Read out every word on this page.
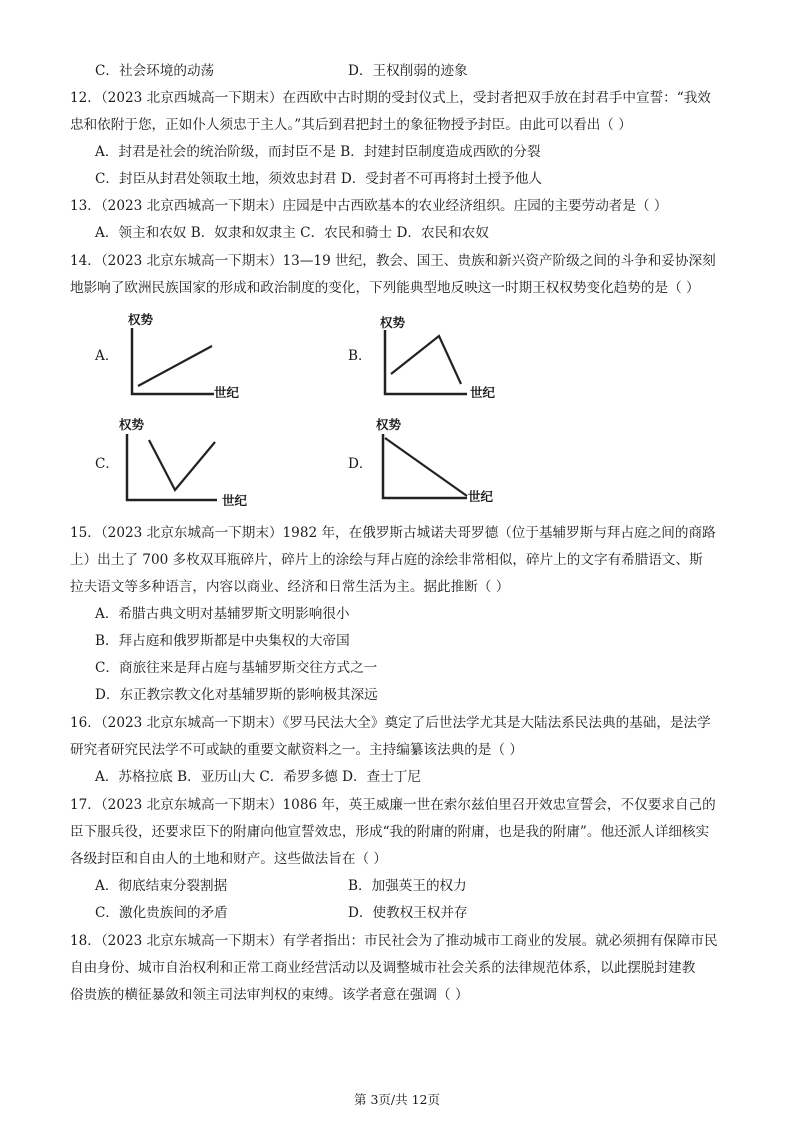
C．社会环境的动荡	D．王权削弱的迹象
12．（2023 北京西城高一下期末）在西欧中古时期的受封仪式上，受封者把双手放在封君手中宣誓：“我效
忠和依附于您，正如仆人须忠于主人。”其后到君把封土的象征物授予封臣。由此可以看出（ ）
A．封君是社会的统治阶级，而封臣不是 B．封建封臣制度造成西欧的分裂
C．封臣从封君处领取土地，须效忠封君 D．受封者不可再将封土授予他人
13．（2023 北京西城高一下期末）庄园是中古西欧基本的农业经济组织。庄园的主要劳动者是（ ）
A．领主和农奴 B．奴隶和奴隶主 C．农民和骑士 D．农民和农奴
14．（2023 北京东城高一下期末）13—19 世纪，教会、国王、贵族和新兴资产阶级之间的斗争和妥协深刻
地影响了欧洲民族国家的形成和政治制度的变化，下列能典型地反映这一时期王权权势变化趋势的是（ ）
A．
权势
世纪
B．
权势
世纪
C．
权势
世纪
D．
权势
世纪
15．（2023 北京东城高一下期末）1982 年，在俄罗斯古城诺夫哥罗德（位于基辅罗斯与拜占庭之间的商路
上）出土了 700 多枚双耳瓶碎片，碎片上的涂绘与拜占庭的涂绘非常相似，碎片上的文字有希腊语文、斯
拉夫语文等多种语言，内容以商业、经济和日常生活为主。据此推断（ ）
A．希腊古典文明对基辅罗斯文明影响很小
B．拜占庭和俄罗斯都是中央集权的大帝国
C．商旅往来是拜占庭与基辅罗斯交往方式之一
D．东正教宗教文化对基辅罗斯的影响极其深远
16．（2023 北京东城高一下期末）《罗马民法大全》奠定了后世法学尤其是大陆法系民法典的基础，是法学
研究者研究民法学不可或缺的重要文献资料之一。主持编纂该法典的是（ ）
A．苏格拉底 B．亚历山大 C．希罗多德 D．查士丁尼
17．（2023 北京东城高一下期末）1086 年，英王威廉一世在索尔兹伯里召开效忠宣誓会，不仅要求自己的
臣下服兵役，还要求臣下的附庸向他宣誓效忠，形成“我的附庸的附庸，也是我的附庸”。他还派人详细核实
各级封臣和自由人的土地和财产。这些做法旨在（ ）
A．彻底结束分裂割据	B．加强英王的权力
C．激化贵族间的矛盾	D．使教权王权并存
18．（2023 北京东城高一下期末）有学者指出：市民社会为了推动城市工商业的发展。就必须拥有保障市民
自由身份、城市自治权利和正常工商业经营活动以及调整城市社会关系的法律规范体系，以此摆脱封建教
俗贵族的横征暴敛和领主司法审判权的束缚。该学者意在强调（ ）
第 3页/共 12页
